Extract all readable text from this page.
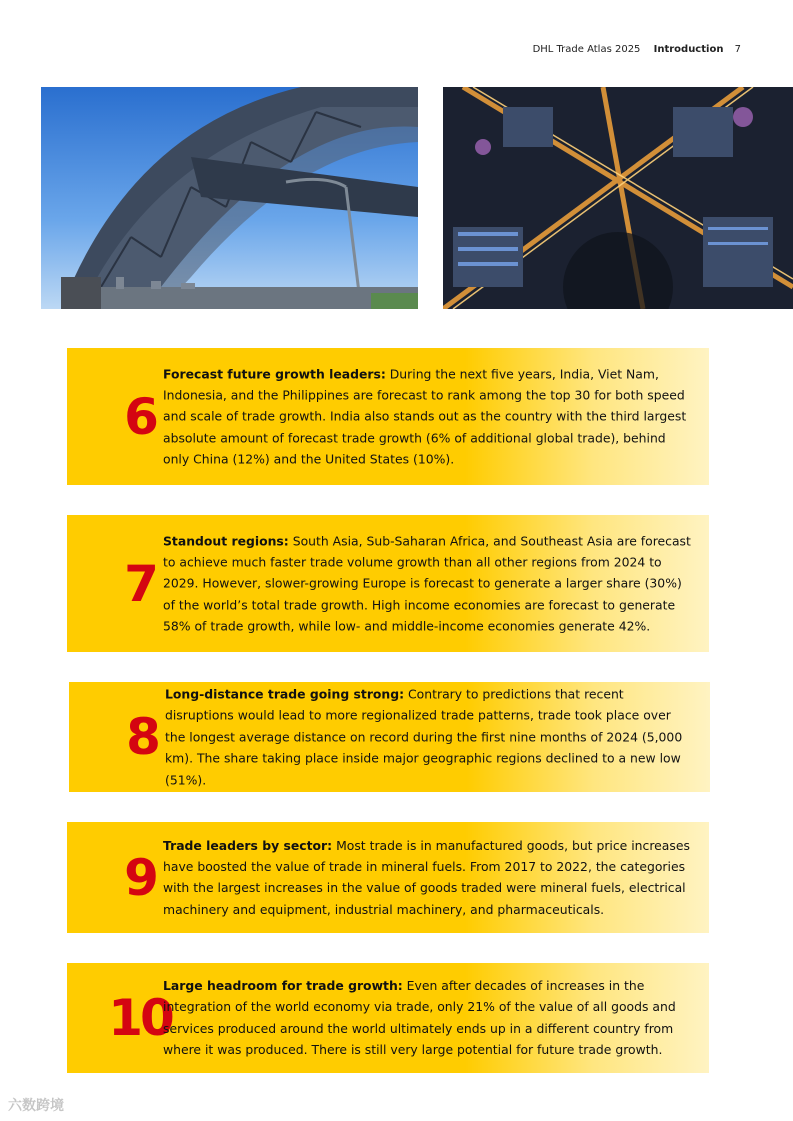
DHL Trade Atlas 2025 Introduction 7
6
Forecast future growth leaders: During the next five years, India, Viet Nam, Indonesia, and the Philippines are forecast to rank among the top 30 for both speed and scale of trade growth. India also stands out as the country with the third largest absolute amount of forecast trade growth (6% of additional global trade), behind only China (12%) and the United States (10%).
7
Standout regions: South Asia, Sub-Saharan Africa, and Southeast Asia are forecast to achieve much faster trade volume growth than all other regions from 2024 to 2029. However, slower-growing Europe is forecast to generate a larger share (30%) of the world’s total trade growth. High income economies are forecast to generate 58% of trade growth, while low- and middle-income economies generate 42%.
8
Long-distance trade going strong: Contrary to predictions that recent disruptions would lead to more regionalized trade patterns, trade took place over the longest average distance on record during the first nine months of 2024 (5,000 km). The share taking place inside major geographic regions declined to a new low (51%).
9
Trade leaders by sector: Most trade is in manufactured goods, but price increases have boosted the value of trade in mineral fuels. From 2017 to 2022, the categories with the largest increases in the value of goods traded were mineral fuels, electrical machinery and equipment, industrial machinery, and pharmaceuticals.
10
Large headroom for trade growth: Even after decades of increases in the integration of the world economy via trade, only 21% of the value of all goods and services produced around the world ultimately ends up in a different country from where it was produced. There is still very large potential for future trade growth.
六数跨境
